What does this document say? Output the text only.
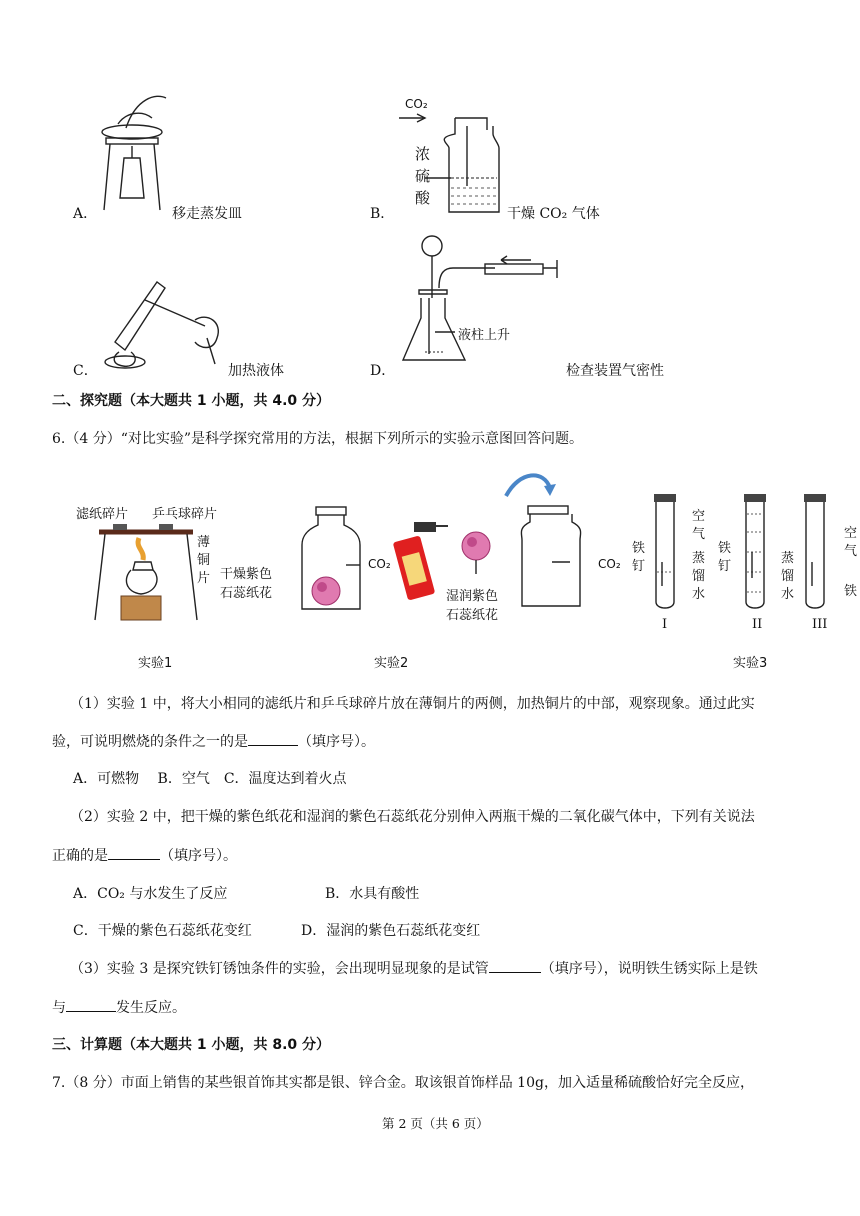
A．	移走蒸发皿
CO₂
浓
硫
酸
B．	干燥 CO₂ 气体
C．	加热液体
液柱上升
D．	检查装置气密性
二、探究题（本大题共 1 小题，共 4.0 分）
6.（4 分）“对比实验”是科学探究常用的方法，根据下列所示的实验示意图回答问题。
滤纸碎片 乒乓球碎片
薄
铜
片
实验1
CO₂
干燥紫色
石蕊纸花	湿润紫色
石蕊纸花
CO₂
实验2
铁
钉
空
气
蒸
馏
水
铁
钉
蒸
馏
水
空
气
铁
I	II	III
实验3
（1）实验 1 中，将大小相同的滤纸片和乒乓球碎片放在薄铜片的两侧，加热铜片的中部，观察现象。通过此实
验，可说明燃烧的条件之一的是	（填序号）。
A．可燃物　 B．空气　C．温度达到着火点
（2）实验 2 中，把干燥的紫色纸花和湿润的紫色石蕊纸花分别伸入两瓶干燥的二氧化碳气体中，下列有关说法
正确的是	（填序号）。
A．CO₂ 与水发生了反应	B．水具有酸性
C．干燥的紫色石蕊纸花变红	D．湿润的紫色石蕊纸花变红
（3）实验 3 是探究铁钉锈蚀条件的实验，会出现明显现象的是试管	（填序号），说明铁生锈实际上是铁
与	发生反应。
三、计算题（本大题共 1 小题，共 8.0 分）
7.（8 分）市面上销售的某些银首饰其实都是银、锌合金。取该银首饰样品 10g，加入适量稀硫酸恰好完全反应，
第 2 页（共 6 页）
